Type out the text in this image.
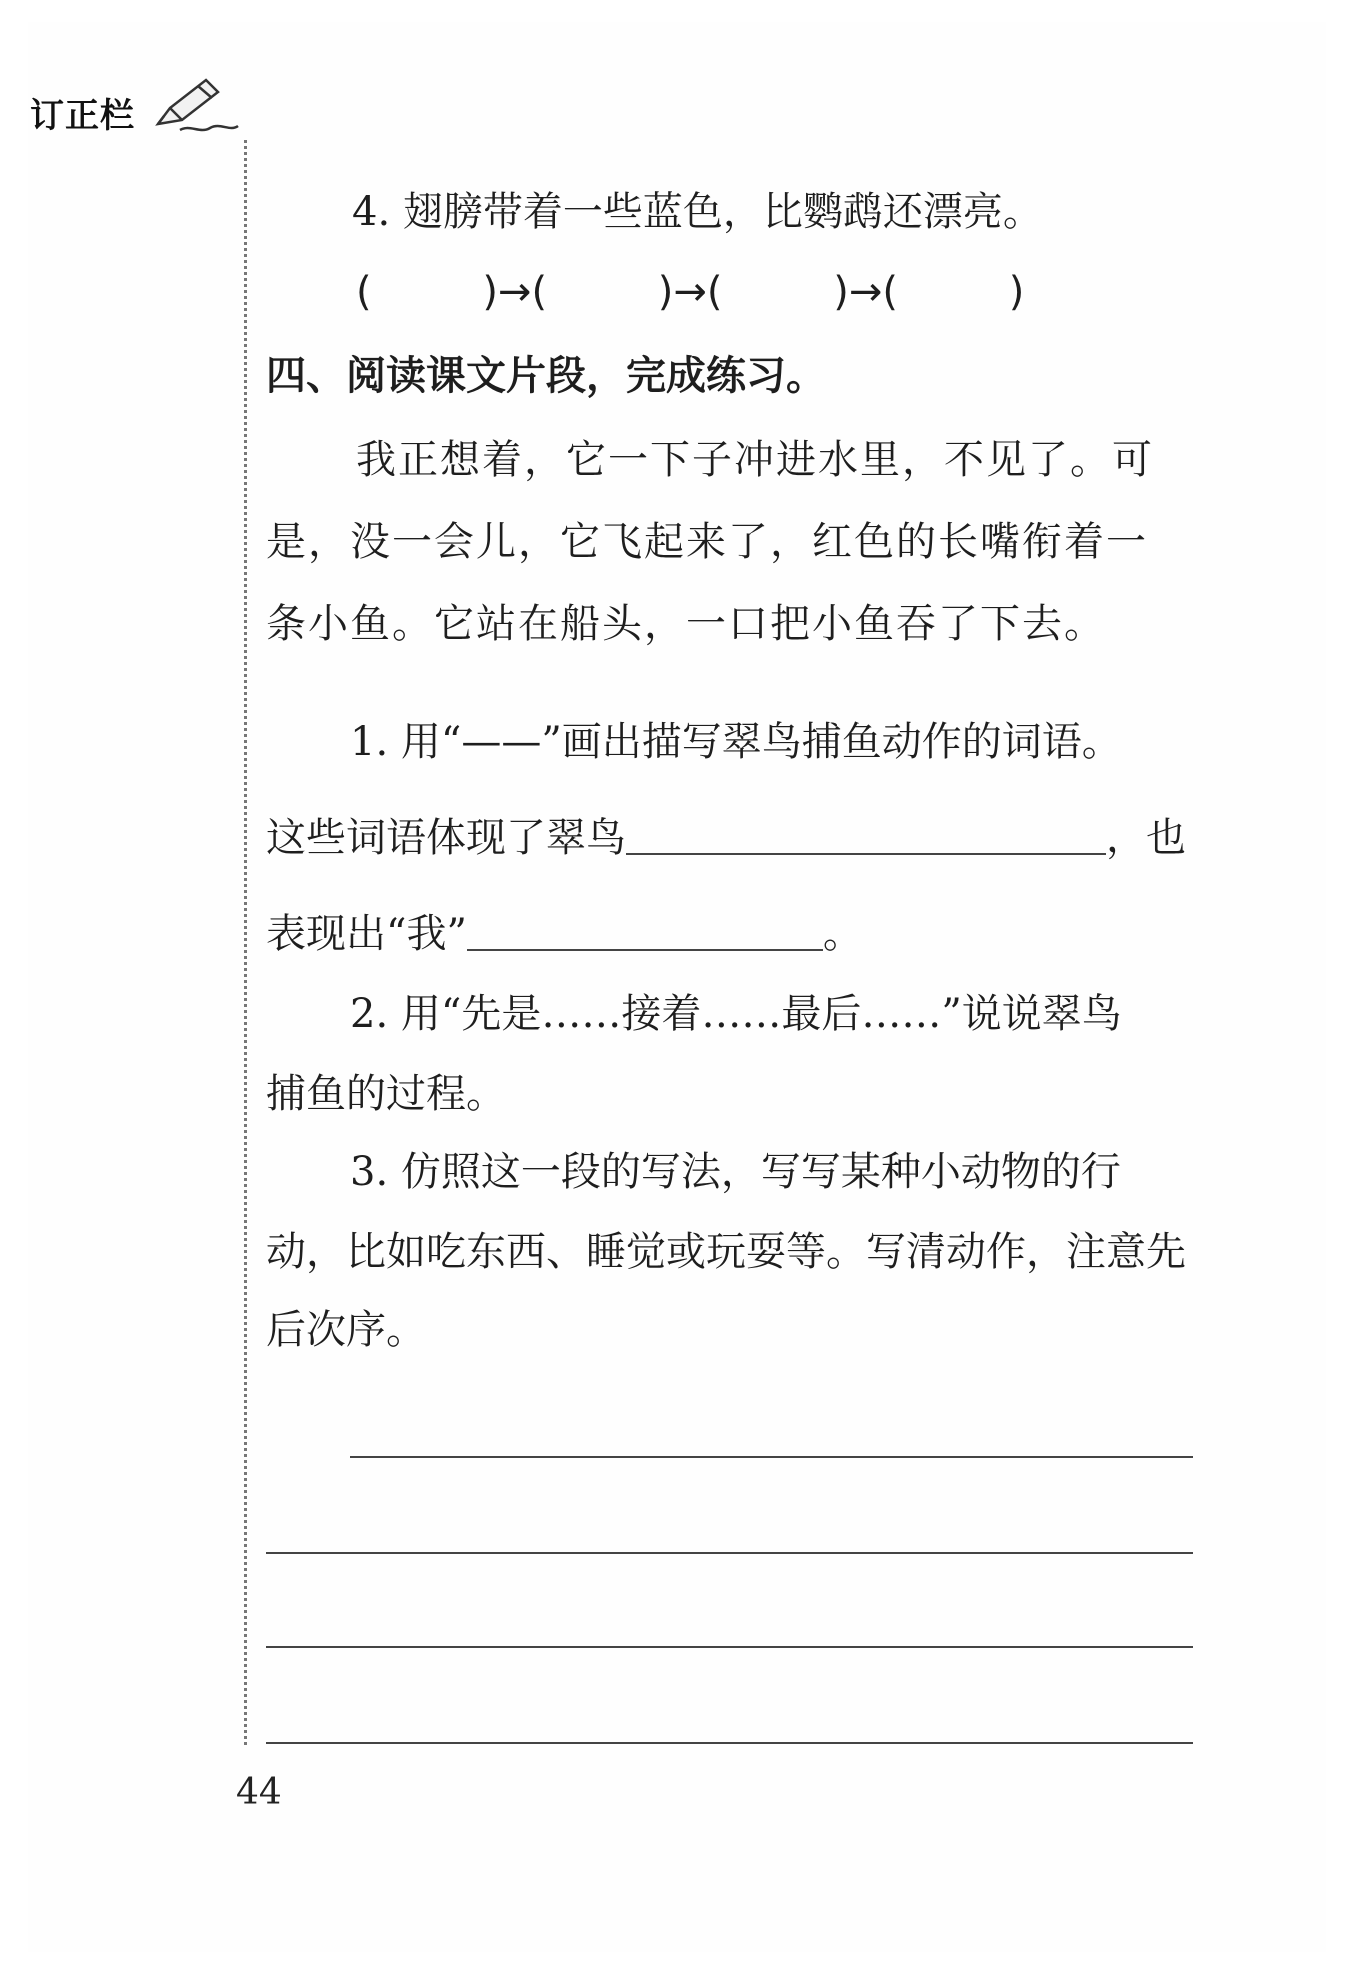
订正栏
4. 翅膀带着一些蓝色，比鹦鹉还漂亮。
(	)→(	)→(	)→(	)
四、阅读课文片段，完成练习。
我正想着，它一下子冲进水里，不见了。可
是，没一会儿，它飞起来了，红色的长嘴衔着一
条小鱼。它站在船头，一口把小鱼吞了下去。
1. 用“——”画出描写翠鸟捕鱼动作的词语。
这些词语体现了翠鸟	，也
表现出“我”	。
2. 用“先是……接着……最后……”说说翠鸟
捕鱼的过程。
3. 仿照这一段的写法，写写某种小动物的行
动，比如吃东西、睡觉或玩耍等。写清动作，注意先
后次序。
44
